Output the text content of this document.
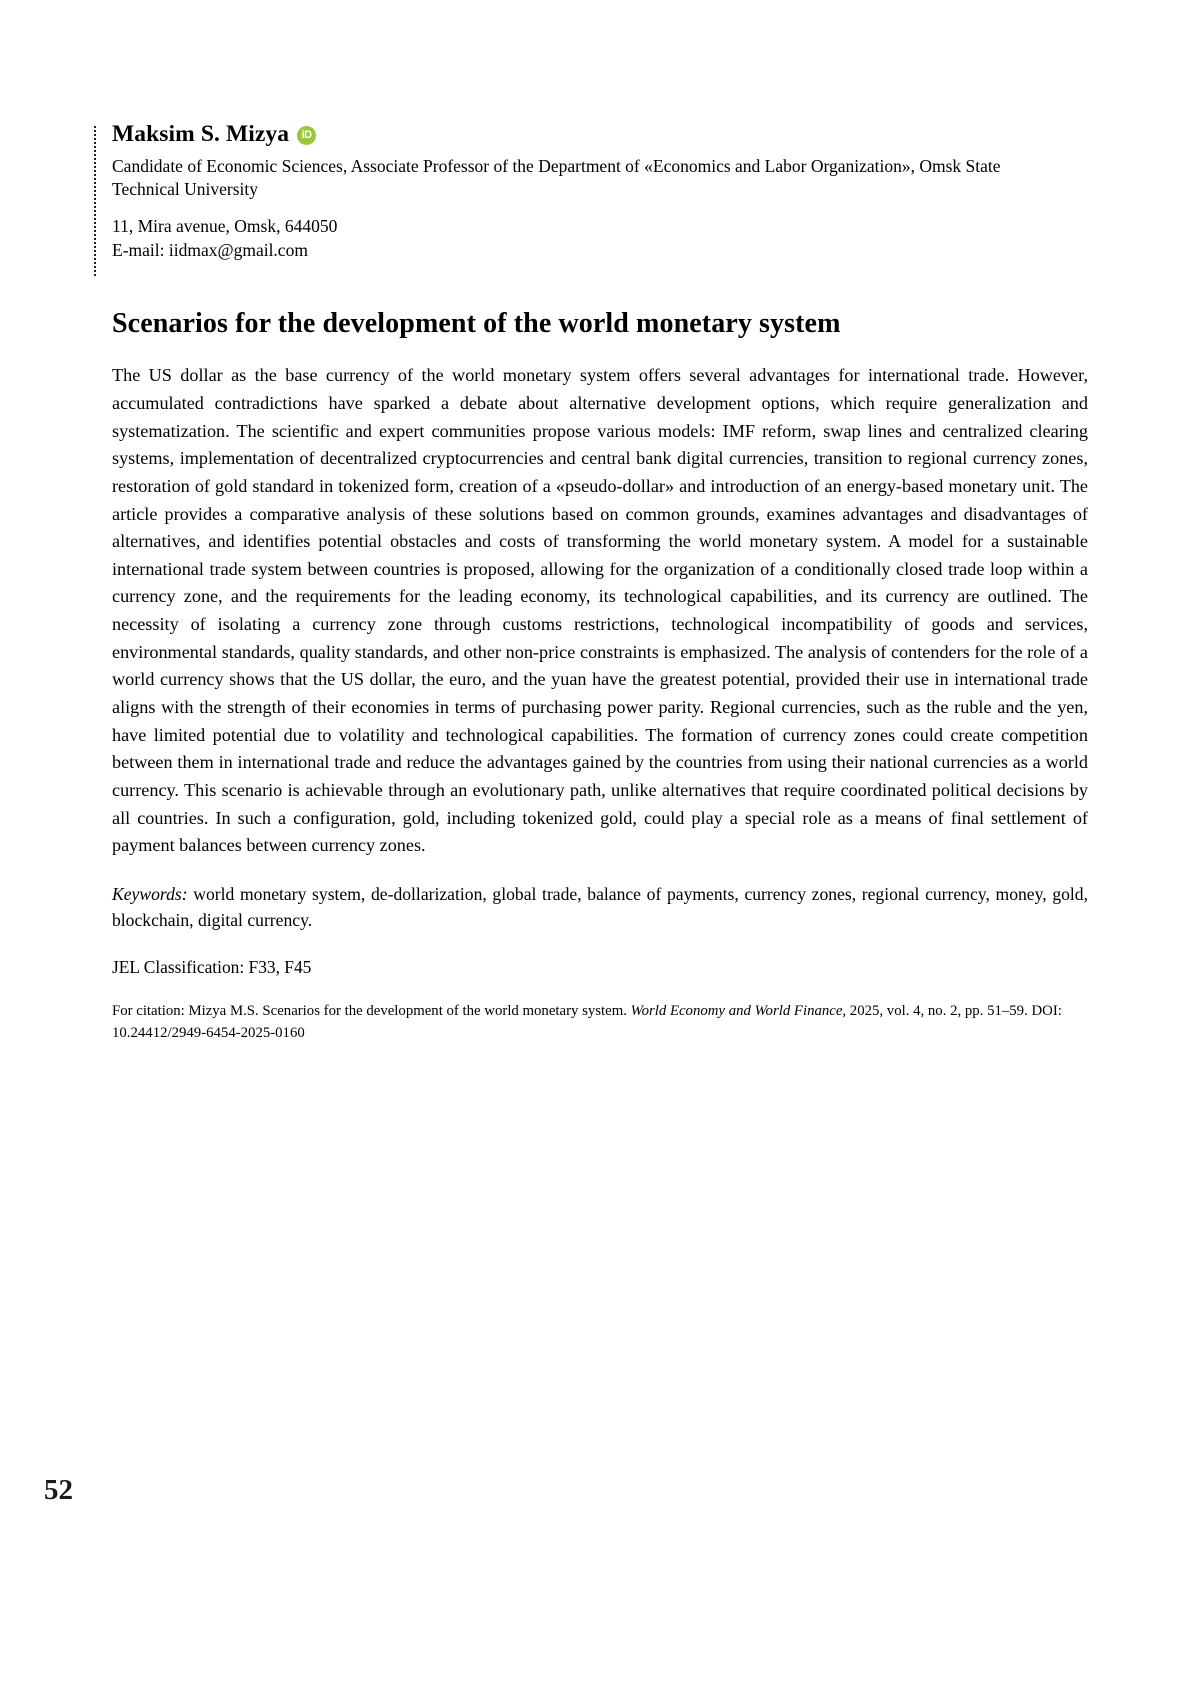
Maksim S. Mizya	iD

Candidate of Economic Sciences, Associate Professor of the Department of «Economics and Labor Organization», Omsk State Technical University

11, Mira avenue, Omsk, 644050

E-mail: iidmax@gmail.com

Scenarios for the development of the world monetary system

The US dollar as the base currency of the world monetary system offers several advantages for international trade. However, accumulated contradictions have sparked a debate about alternative development options, which require generalization and systematization. The scientific and expert communities propose various models: IMF reform, swap lines and centralized clearing systems, implementation of decentralized cryptocurrencies and central bank digital currencies, transition to regional currency zones, restoration of gold standard in tokenized form, creation of a «pseudo-dollar» and introduction of an energy-based monetary unit. The article provides a comparative analysis of these solutions based on common grounds, examines advantages and disadvantages of alternatives, and identifies potential obstacles and costs of transforming the world monetary system. A model for a sustainable international trade system between countries is proposed, allowing for the organization of a conditionally closed trade loop within a currency zone, and the requirements for the leading economy, its technological capabilities, and its currency are outlined. The necessity of isolating a currency zone through customs restrictions, technological incompatibility of goods and services, environmental standards, quality standards, and other non-price constraints is emphasized. The analysis of contenders for the role of a world currency shows that the US dollar, the euro, and the yuan have the greatest potential, provided their use in international trade aligns with the strength of their economies in terms of purchasing power parity. Regional currencies, such as the ruble and the yen, have limited potential due to volatility and technological capabilities. The formation of currency zones could create competition between them in international trade and reduce the advantages gained by the countries from using their national currencies as a world currency. This scenario is achievable through an evolutionary path, unlike alternatives that require coordinated political decisions by all countries. In such a configuration, gold, including tokenized gold, could play a special role as a means of final settlement of payment balances between currency zones.

Keywords: world monetary system, de-dollarization, global trade, balance of payments, currency zones, regional currency, money, gold, blockchain, digital currency.

JEL Classification: F33, F45

For citation: Mizya M.S. Scenarios for the development of the world monetary system. World Economy and World Finance, 2025, vol. 4, no. 2, pp. 51–59. DOI: 10.24412/2949-6454-2025-0160

52
